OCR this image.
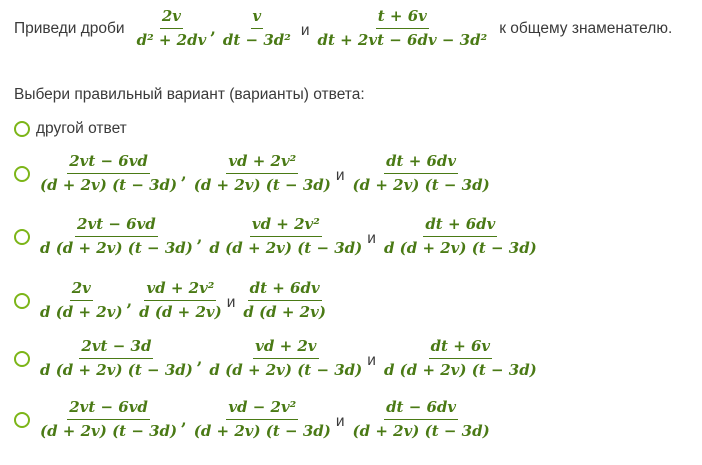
Приведи дроби $\frac{2v}{\text{d² + 2dv}}$ , $\frac{v}{\text{dt − 3d²}}$ и $\frac{t + 6v}{\text{dt + 2vt − 6dv − 3d²}}$ к общему знаменателю.
Выбери правильный вариант (варианты) ответа:
другой ответ
$\frac{2vt - 6vd}{(d + 2v) (t - 3d)}$ , $\frac{\text{vd + 2v²}}{(d + 2v) (t - 3d)}$ и $\frac{dt + 6dv}{(d + 2v) (t - 3d)}$
$\frac{2vt - 6vd}{d (d + 2v) (t - 3d)}$ , $\frac{\text{vd + 2v²}}{d (d + 2v) (t - 3d)}$ и $\frac{dt + 6dv}{d (d + 2v) (t - 3d)}$
$\frac{2v}{d (d + 2v)}$ , $\frac{\text{vd + 2v²}}{d (d + 2v)}$ и $\frac{dt + 6dv}{d (d + 2v)}$
$\frac{2vt - 3d}{d (d + 2v) (t - 3d)}$ , $\frac{vd + 2v}{d (d + 2v) (t - 3d)}$ и $\frac{dt + 6v}{d (d + 2v) (t - 3d)}$
$\frac{2vt - 6vd}{(d + 2v) (t - 3d)}$ , $\frac{\text{vd − 2v²}}{(d + 2v) (t - 3d)}$ и $\frac{dt - 6dv}{(d + 2v) (t - 3d)}$
